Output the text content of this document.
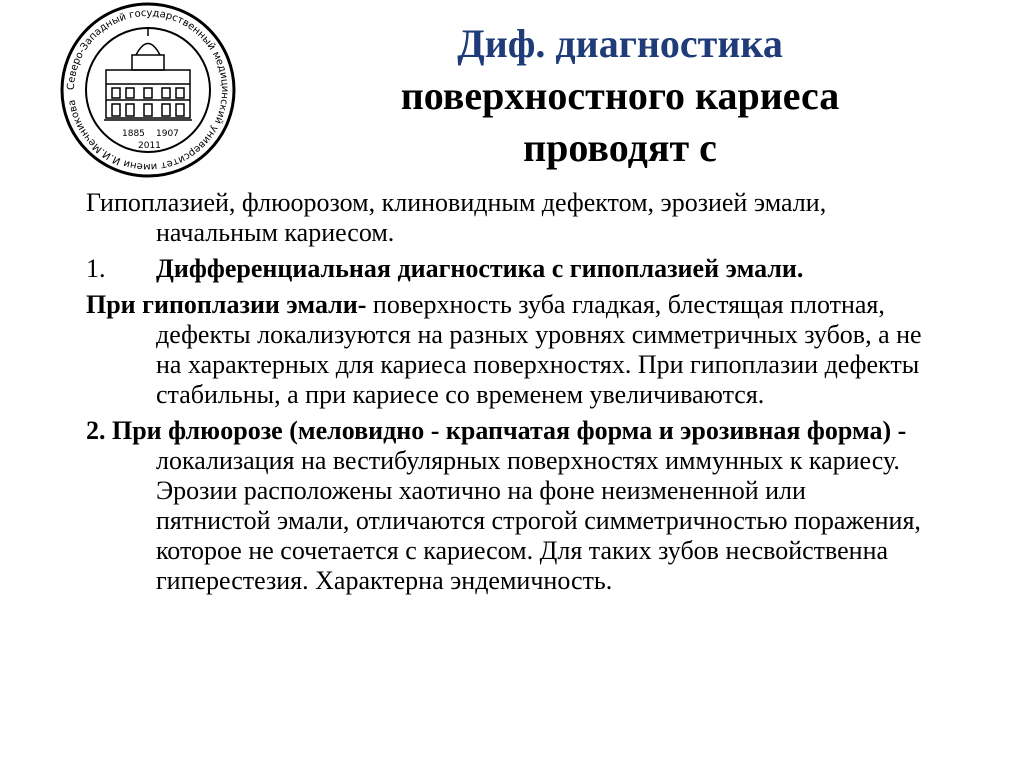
Северо-Западный государственный медицинский университет имени И.И.Мечникова
1885 1907
2011
Диф. диагностика
поверхностного кариеса
проводят с

Гипоплазией, флюорозом, клиновидным дефектом, эрозией эмали, начальным кариесом.

1.	Дифференциальная диагностика с гипоплазией эмали.

При гипоплазии эмали- поверхность зуба гладкая, блестящая плотная, дефекты локализуются на разных уровнях симметричных зубов, а не на характерных для кариеса поверхностях. При гипоплазии дефекты стабильны, а при кариесе со временем увеличиваются.

2. При флюорозе (меловидно - крапчатая форма и эрозивная форма) - локализация на вестибулярных поверхностях иммунных к кариесу. Эрозии расположены хаотично на фоне неизмененной или пятнистой эмали, отличаются строгой симметричностью поражения, которое не сочетается с кариесом. Для таких зубов несвойственна гиперестезия. Характерна эндемичность.
